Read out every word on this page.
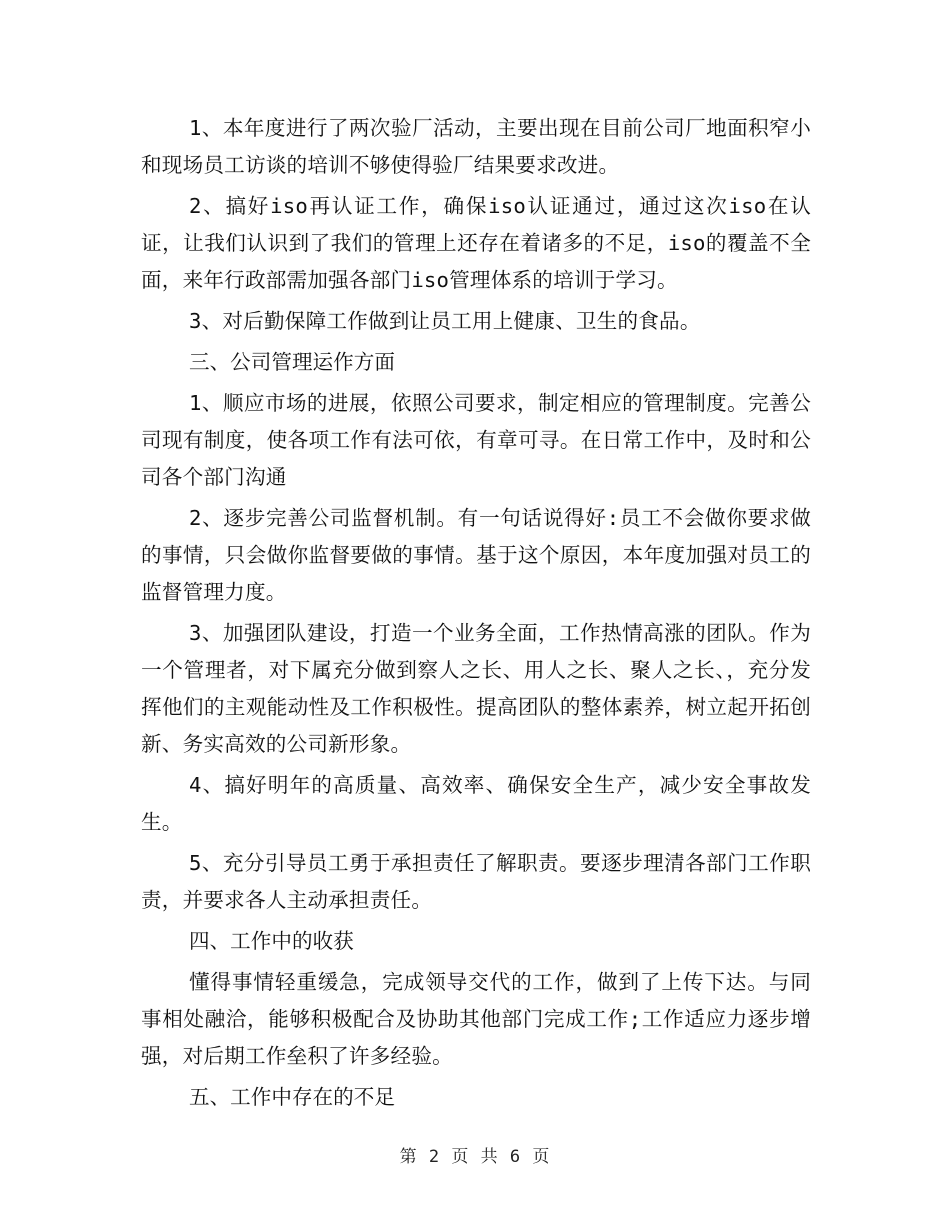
1、本年度进行了两次验厂活动，主要出现在目前公司厂地面积窄小和现场员工访谈的培训不够使得验厂结果要求改进。

2、搞好iso再认证工作，确保iso认证通过，通过这次iso在认证，让我们认识到了我们的管理上还存在着诸多的不足，iso的覆盖不全面，来年行政部需加强各部门iso管理体系的培训于学习。

3、对后勤保障工作做到让员工用上健康、卫生的食品。

三、公司管理运作方面

1、顺应市场的进展，依照公司要求，制定相应的管理制度。完善公司现有制度，使各项工作有法可依，有章可寻。在日常工作中，及时和公司各个部门沟通

2、逐步完善公司监督机制。有一句话说得好:员工不会做你要求做的事情，只会做你监督要做的事情。基于这个原因，本年度加强对员工的监督管理力度。

3、加强团队建设，打造一个业务全面，工作热情高涨的团队。作为一个管理者，对下属充分做到察人之长、用人之长、聚人之长、，充分发挥他们的主观能动性及工作积极性。提高团队的整体素养，树立起开拓创新、务实高效的公司新形象。

4、搞好明年的高质量、高效率、确保安全生产，减少安全事故发生。

5、充分引导员工勇于承担责任了解职责。要逐步理清各部门工作职责，并要求各人主动承担责任。

四、工作中的收获

懂得事情轻重缓急，完成领导交代的工作，做到了上传下达。与同事相处融洽，能够积极配合及协助其他部门完成工作;工作适应力逐步增强，对后期工作垒积了许多经验。

五、工作中存在的不足

第 2 页 共 6 页
